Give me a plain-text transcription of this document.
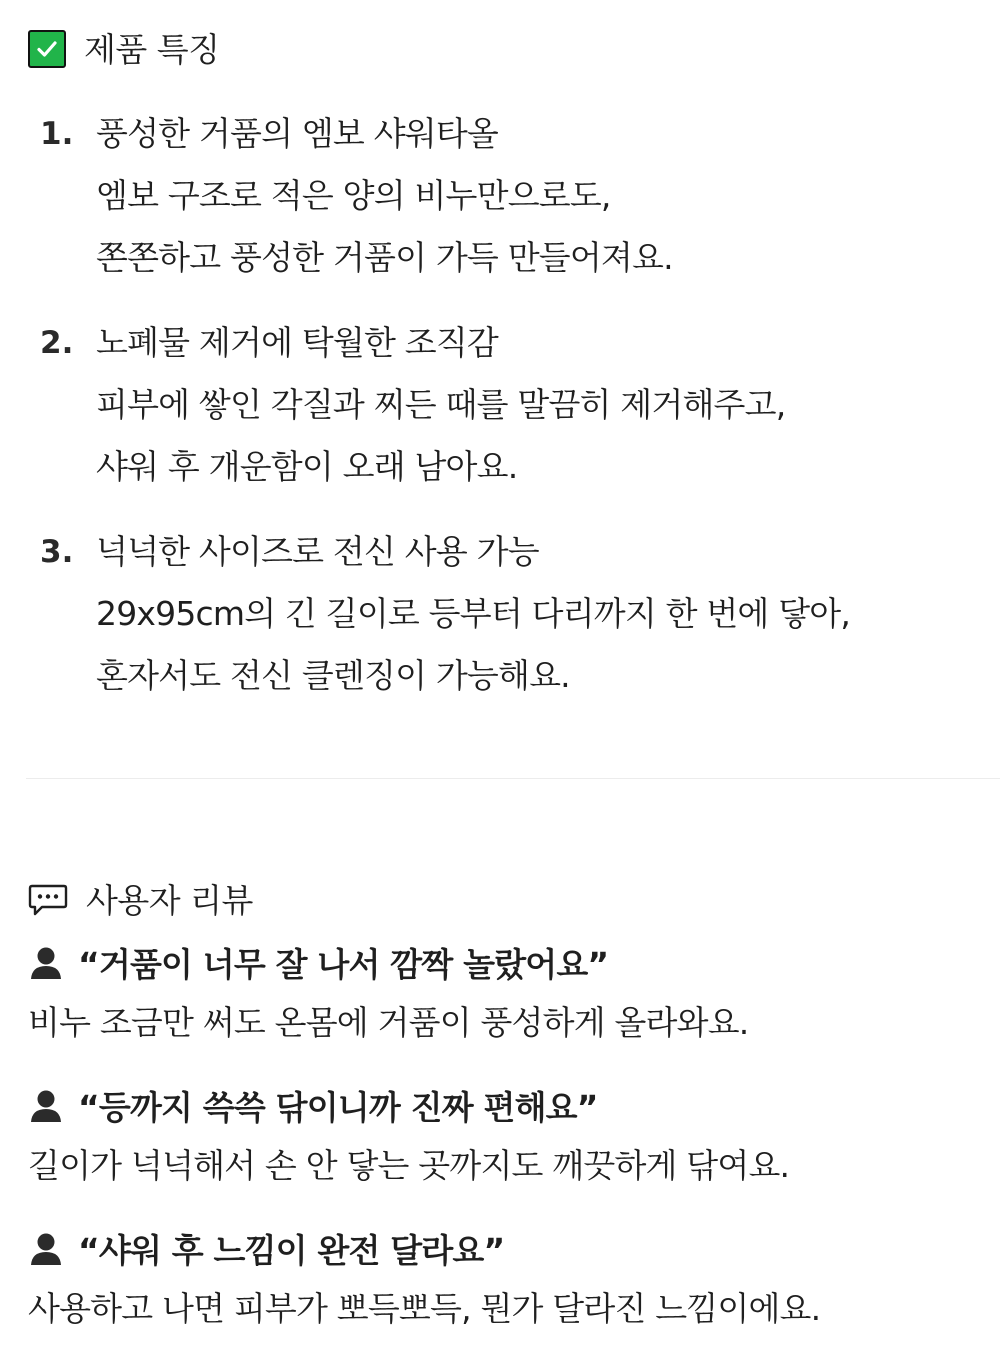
제품 특징
1. 풍성한 거품의 엠보 샤워타올
엠보 구조로 적은 양의 비누만으로도,
쫀쫀하고 풍성한 거품이 가득 만들어져요.
2. 노폐물 제거에 탁월한 조직감
피부에 쌓인 각질과 찌든 때를 말끔히 제거해주고,
샤워 후 개운함이 오래 남아요.
3. 넉넉한 사이즈로 전신 사용 가능
29x95cm의 긴 길이로 등부터 다리까지 한 번에 닿아,
혼자서도 전신 클렌징이 가능해요.
사용자 리뷰
“거품이 너무 잘 나서 깜짝 놀랐어요”
비누 조금만 써도 온몸에 거품이 풍성하게 올라와요.
“등까지 쓱쓱 닦이니까 진짜 편해요”
길이가 넉넉해서 손 안 닿는 곳까지도 깨끗하게 닦여요.
“샤워 후 느낌이 완전 달라요”
사용하고 나면 피부가 뽀득뽀득, 뭔가 달라진 느낌이에요.
